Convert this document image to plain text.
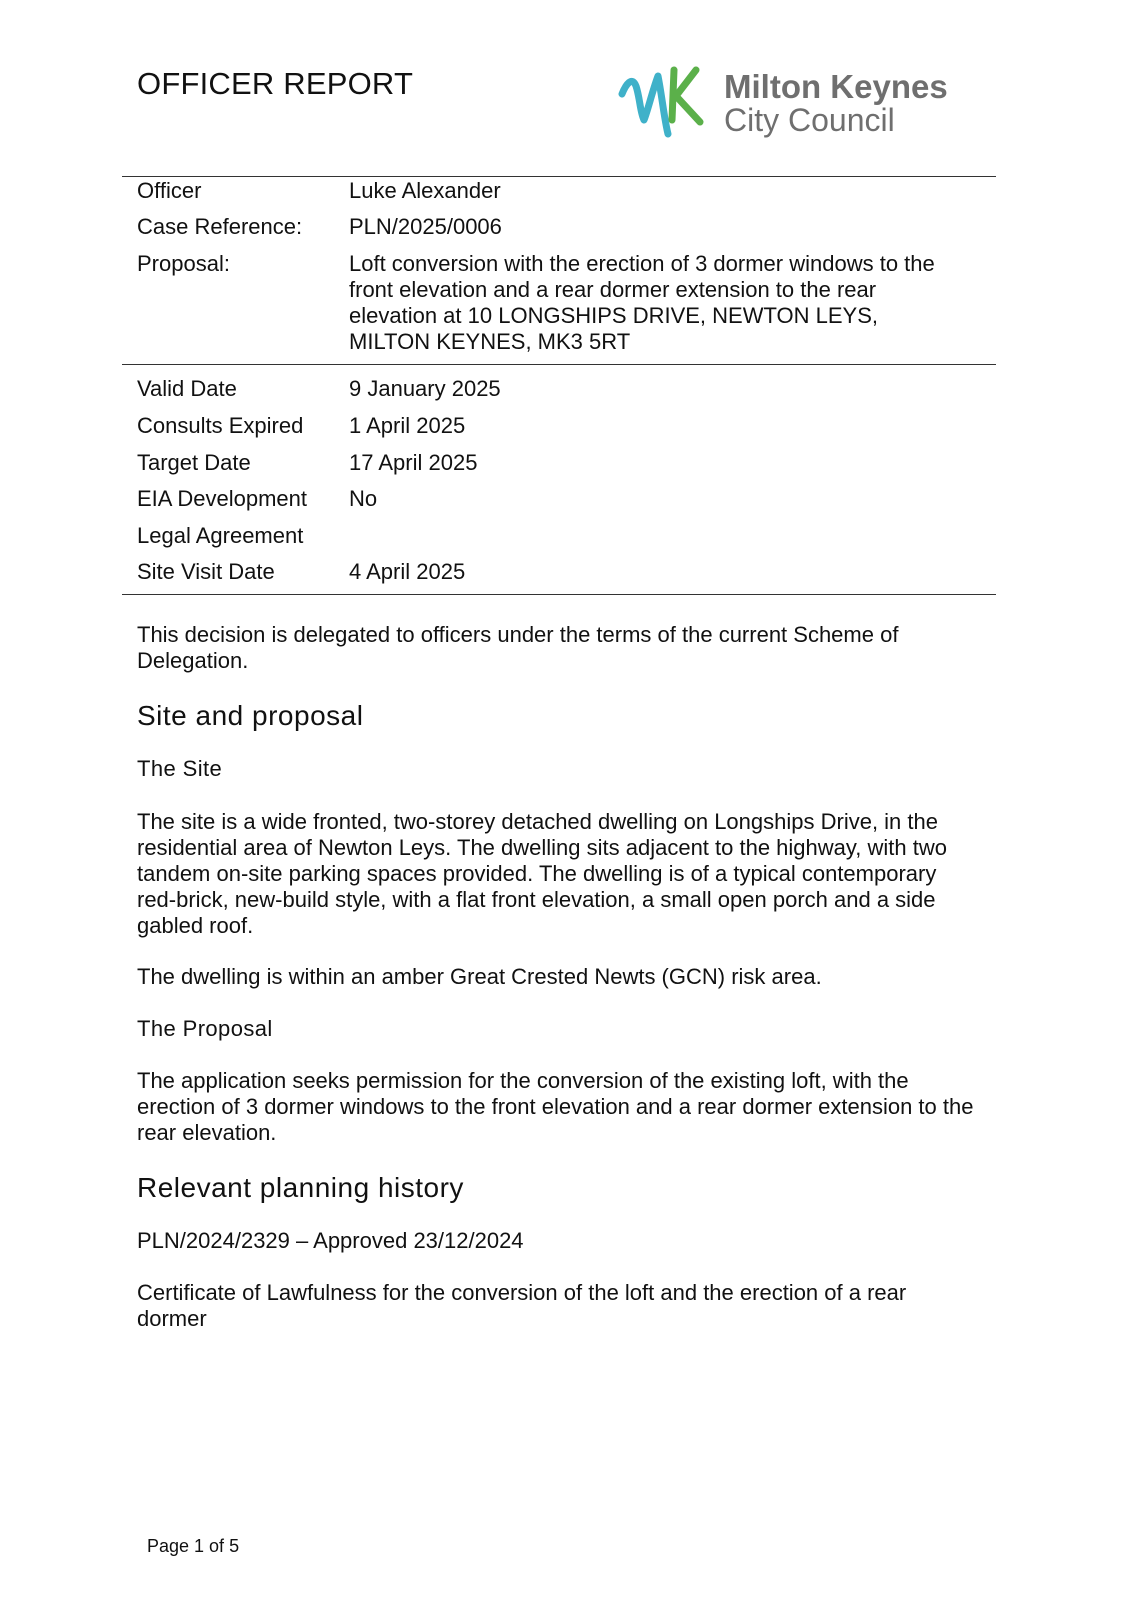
OFFICER REPORT	Milton Keynes
City Council
Officer	Luke Alexander
Case Reference: PLN/2025/0006
Proposal:	Loft conversion with the erection of 3 dormer windows to the front elevation and a rear dormer extension to the rear elevation at 10 LONGSHIPS DRIVE, NEWTON LEYS, MILTON KEYNES, MK3 5RT
Valid Date	9 January 2025
Consults Expired 1 April 2025
Target Date	17 April 2025
EIA Development No
Legal Agreement
Site Visit Date	4 April 2025
This decision is delegated to officers under the terms of the current Scheme of Delegation.
Site and proposal
The Site
The site is a wide fronted, two-storey detached dwelling on Longships Drive, in the residential area of Newton Leys. The dwelling sits adjacent to the highway, with two tandem on-site parking spaces provided. The dwelling is of a typical contemporary red-brick, new-build style, with a flat front elevation, a small open porch and a side gabled roof.
The dwelling is within an amber Great Crested Newts (GCN) risk area.
The Proposal
The application seeks permission for the conversion of the existing loft, with the erection of 3 dormer windows to the front elevation and a rear dormer extension to the rear elevation.
Relevant planning history
PLN/2024/2329 – Approved 23/12/2024
Certificate of Lawfulness for the conversion of the loft and the erection of a rear dormer
Page 1 of 5
